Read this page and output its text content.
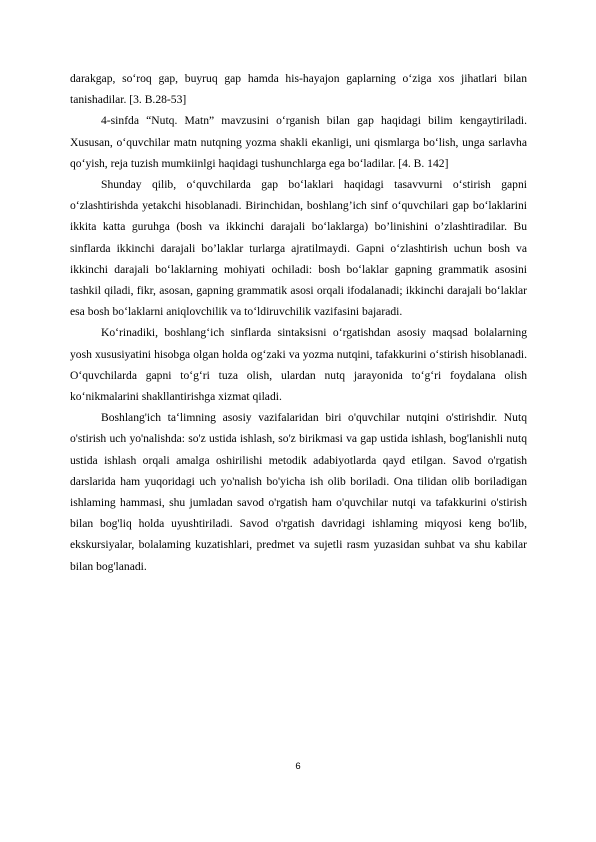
darakgap, so‘roq gap, buyruq gap hamda his-hayajon gaplarning o‘ziga xos jihatlari bilan tanishadilar. [3. B.28-53]

4-sinfda “Nutq. Matn” mavzusini o‘rganish bilan gap haqidagi bilim kengaytiriladi. Xususan, o‘quvchilar matn nutqning yozma shakli ekanligi, uni qismlarga bo‘lish, unga sarlavha qo‘yish, reja tuzish mumkiinlgi haqidagi tushunchlarga ega bo‘ladilar. [4. B. 142]

Shunday qilib, o‘quvchilarda gap bo‘laklari haqidagi tasavvurni o‘stirish gapni o‘zlashtirishda yetakchi hisoblanadi. Birinchidan, boshlang’ich sinf o‘quvchilari gap bo‘laklarini ikkita katta guruhga (bosh va ikkinchi darajali bo‘laklarga) bo’linishini o’zlashtiradilar. Bu sinflarda ikkinchi darajali bo’laklar turlarga ajratilmaydi. Gapni o‘zlashtirish uchun bosh va ikkinchi darajali bo‘laklarning mohiyati ochiladi: bosh bo‘laklar gapning grammatik asosini tashkil qiladi, fikr, asosan, gapning grammatik asosi orqali ifodalanadi; ikkinchi darajali bo‘laklar esa bosh bo‘laklarni aniqlovchilik va to‘ldiruvchilik vazifasini bajaradi.

Ko‘rinadiki, boshlang‘ich sinflarda sintaksisni o‘rgatishdan asosiy maqsad bolalarning yosh xususiyatini hisobga olgan holda og‘zaki va yozma nutqini, tafakkurini o‘stirish hisoblanadi. O‘quvchilarda gapni to‘g‘ri tuza olish, ulardan nutq jarayonida to‘g‘ri foydalana olish ko‘nikmalarini shakllantirishga xizmat qiladi.

Boshlang'ich ta‘limning asosiy vazifalaridan biri o'quvchilar nutqini o'stirishdir. Nutq o'stirish uch yo'nalishda: so'z ustida ishlash, so'z birikmasi va gap ustida ishlash, bog'lanishli nutq ustida ishlash orqali amalga oshirilishi metodik adabiyotlarda qayd etilgan. Savod o'rgatish darslarida ham yuqoridagi uch yo'nalish bo'yicha ish olib boriladi. Ona tilidan olib boriladigan ishlaming hammasi, shu jumladan savod o'rgatish ham o'quvchilar nutqi va tafakkurini o'stirish bilan bog'liq holda uyushtiriladi. Savod o'rgatish davridagi ishlaming miqyosi keng bo'lib, ekskursiyalar, bolalaming kuzatishlari, predmet va sujetli rasm yuzasidan suhbat va shu kabilar bilan bog'lanadi.

6
